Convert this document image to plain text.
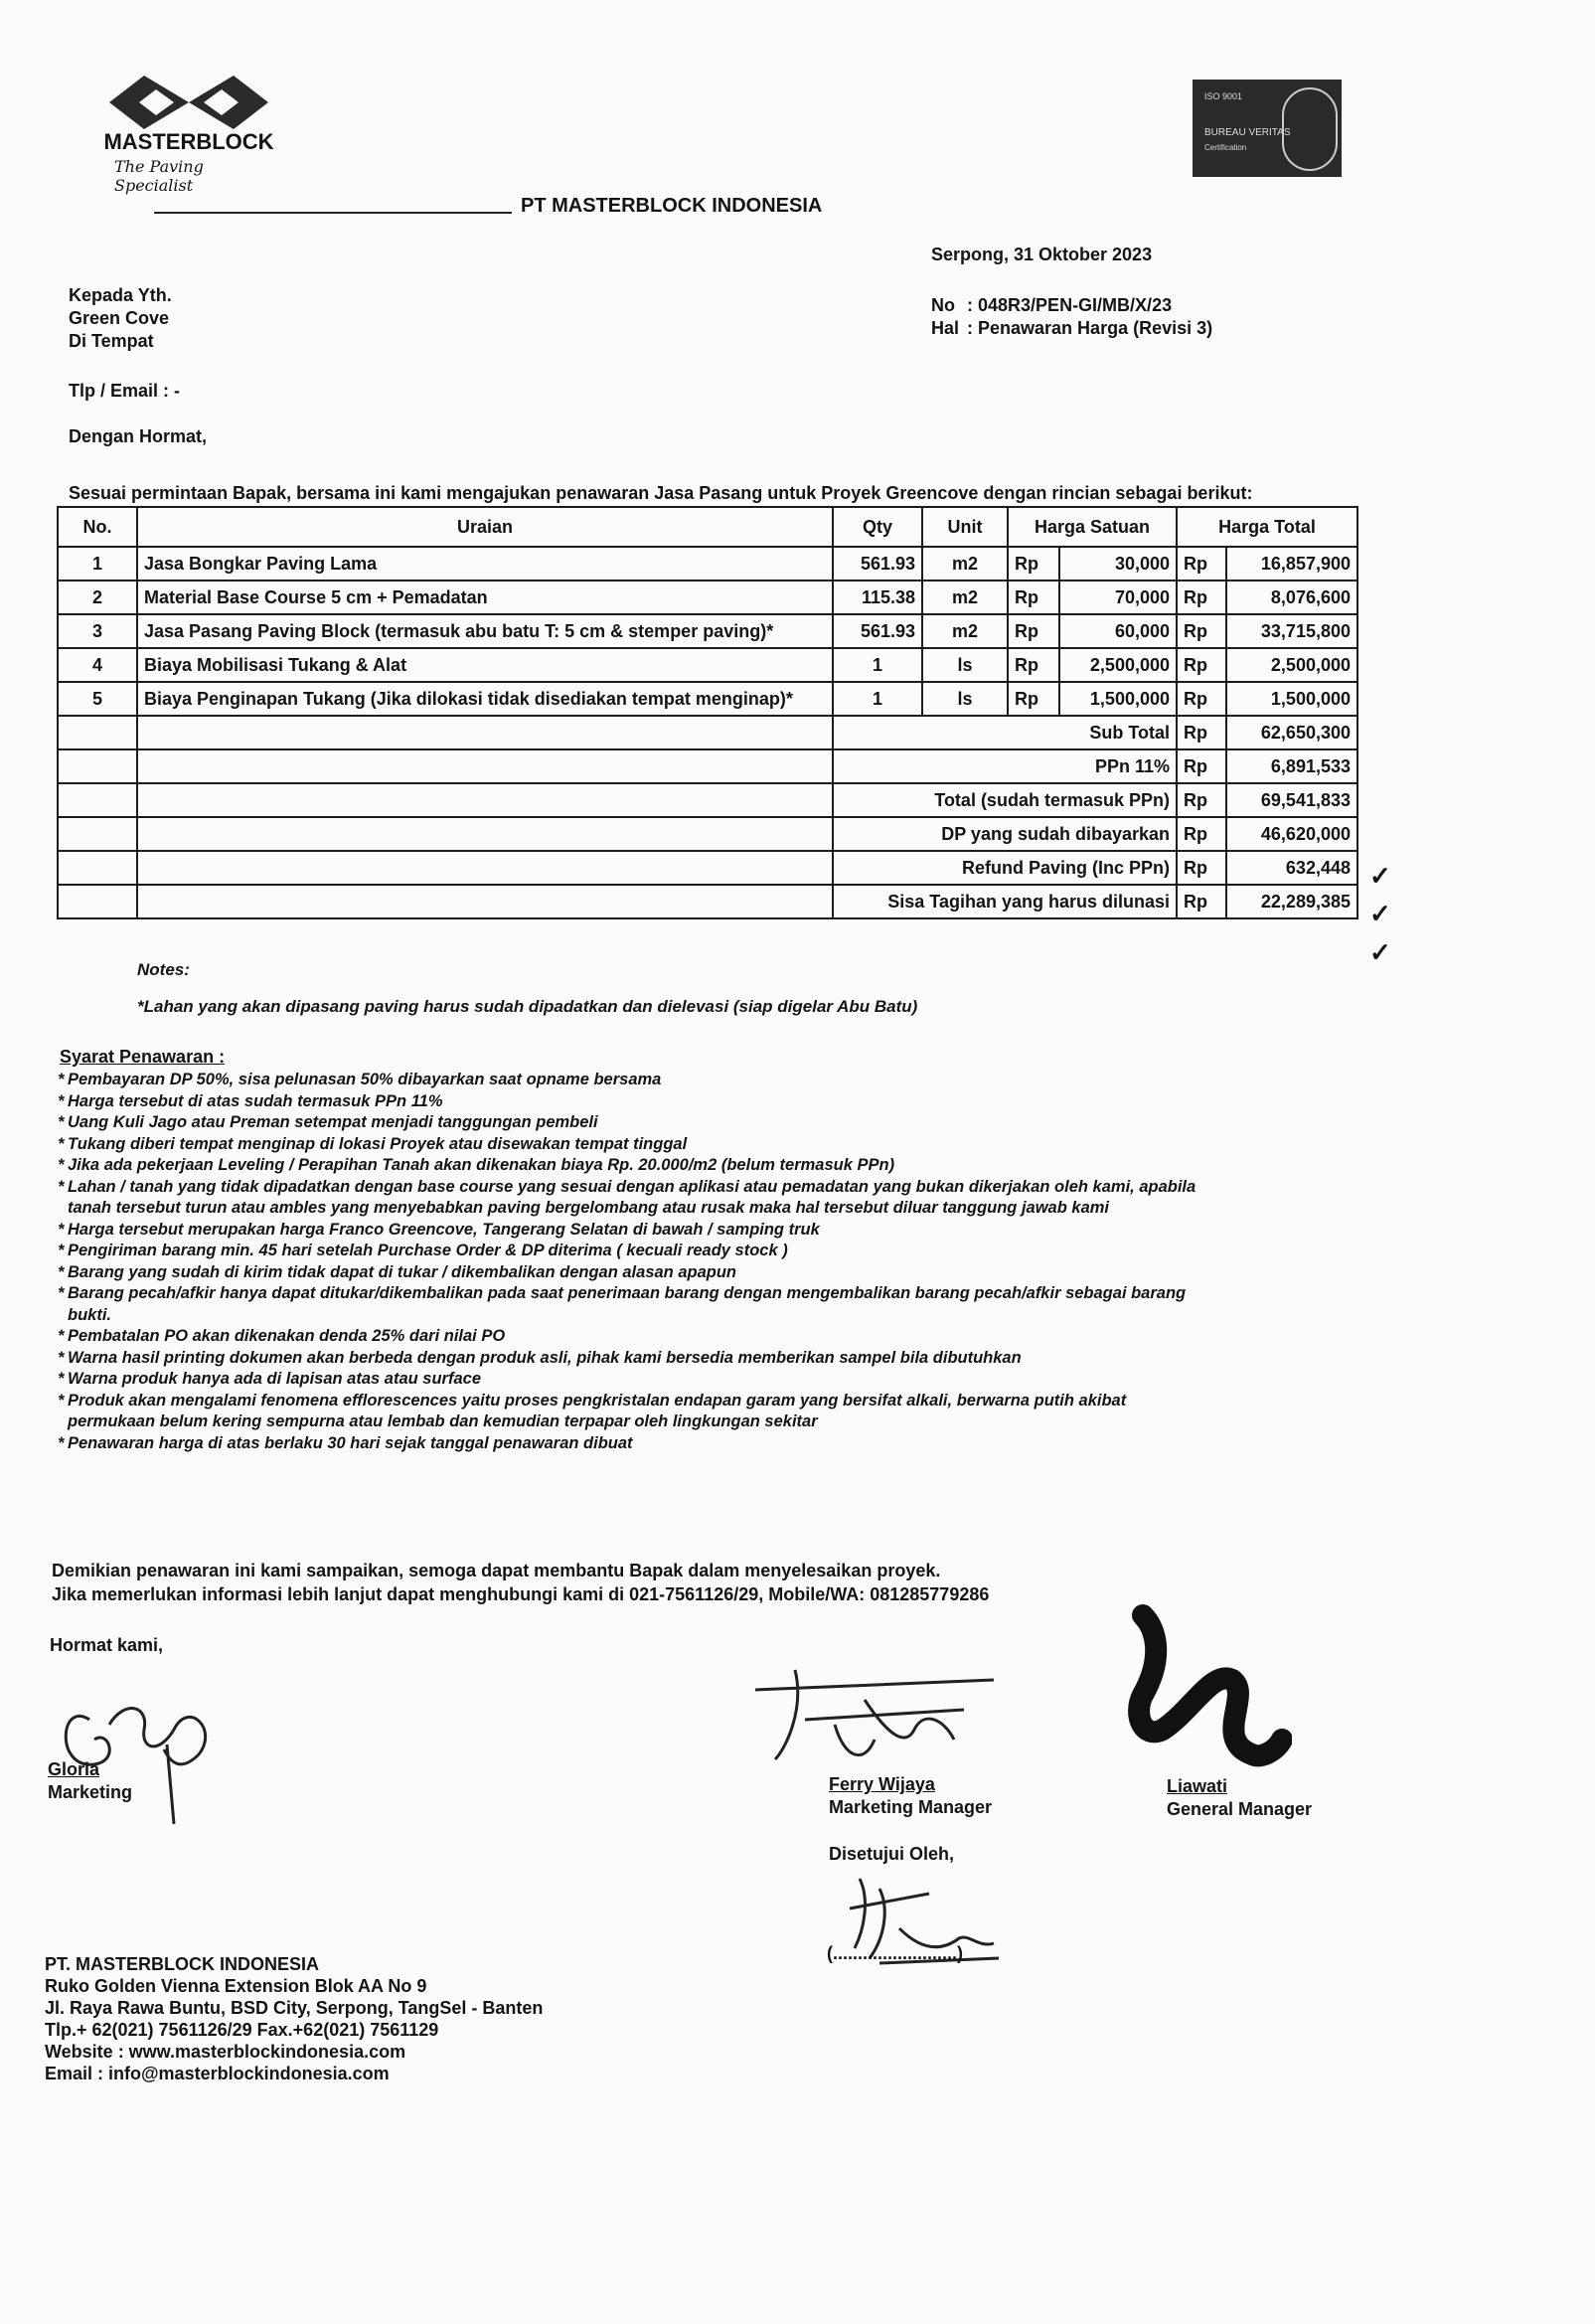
MASTERBLOCK
The Paving Specialist
PT MASTERBLOCK INDONESIA
ISO 9001
BUREAU VERITAS
Certification
Serpong, 31 Oktober 2023
No	: 048R3/PEN-GI/MB/X/23
Hal	: Penawaran Harga (Revisi 3)
Kepada Yth.
Green Cove
Di Tempat
Tlp / Email : -
Dengan Hormat,
Sesuai permintaan Bapak, bersama ini kami mengajukan penawaran Jasa Pasang untuk Proyek Greencove dengan rincian sebagai berikut:
No.	Uraian	Qty	Unit	Harga Satuan		Harga Total	
1	Jasa Bongkar Paving Lama	561.93	m2	Rp	30,000	Rp	16,857,900
2	Material Base Course 5 cm + Pemadatan	115.38	m2	Rp	70,000	Rp	8,076,600
3	Jasa Pasang Paving Block (termasuk abu batu T: 5 cm & stemper paving)*	561.93	m2	Rp	60,000	Rp	33,715,800
4	Biaya Mobilisasi Tukang & Alat	1	ls	Rp	2,500,000	Rp	2,500,000
5	Biaya Penginapan Tukang (Jika dilokasi tidak disediakan tempat menginap)*	1	ls	Rp	1,500,000	Rp	1,500,000
		Sub Total				Rp	62,650,300
		PPn 11%				Rp	6,891,533
		Total (sudah termasuk PPn)				Rp	69,541,833
		DP yang sudah dibayarkan				Rp	46,620,000
		Refund Paving (Inc PPn)				Rp	632,448
		Sisa Tagihan yang harus dilunasi				Rp	22,289,385
✓
✓
✓
Notes:
*Lahan yang akan dipasang paving harus sudah dipadatkan dan dielevasi (siap digelar Abu Batu)
Syarat Penawaran :
* Pembayaran DP 50%, sisa pelunasan 50% dibayarkan saat opname bersama
* Harga tersebut di atas sudah termasuk PPn 11%
* Uang Kuli Jago atau Preman setempat menjadi tanggungan pembeli
* Tukang diberi tempat menginap di lokasi Proyek atau disewakan tempat tinggal
* Jika ada pekerjaan Leveling / Perapihan Tanah akan dikenakan biaya Rp. 20.000/m2 (belum termasuk PPn)
* Lahan / tanah yang tidak dipadatkan dengan base course yang sesuai dengan aplikasi atau pemadatan yang bukan dikerjakan oleh kami, apabila tanah tersebut turun atau ambles yang menyebabkan paving bergelombang atau rusak maka hal tersebut diluar tanggung jawab kami
* Harga tersebut merupakan harga Franco Greencove, Tangerang Selatan di bawah / samping truk
* Pengiriman barang min. 45 hari setelah Purchase Order & DP diterima ( kecuali ready stock )
* Barang yang sudah di kirim tidak dapat di tukar / dikembalikan dengan alasan apapun
* Barang pecah/afkir hanya dapat ditukar/dikembalikan pada saat penerimaan barang dengan mengembalikan barang pecah/afkir sebagai barang bukti.
* Pembatalan PO akan dikenakan denda 25% dari nilai PO
* Warna hasil printing dokumen akan berbeda dengan produk asli, pihak kami bersedia memberikan sampel bila dibutuhkan
* Warna produk hanya ada di lapisan atas atau surface
* Produk akan mengalami fenomena efflorescences yaitu proses pengkristalan endapan garam yang bersifat alkali, berwarna putih akibat permukaan belum kering sempurna atau lembab dan kemudian terpapar oleh lingkungan sekitar
* Penawaran harga di atas berlaku 30 hari sejak tanggal penawaran dibuat
Demikian penawaran ini kami sampaikan, semoga dapat membantu Bapak dalam menyelesaikan proyek.
Jika memerlukan informasi lebih lanjut dapat menghubungi kami di 021-7561126/29, Mobile/WA: 081285779286
Hormat kami,
Gloria
Marketing	Ferry Wijaya
Marketing Manager
Liawati
General Manager
Disetujui Oleh,
(.........................)
PT. MASTERBLOCK INDONESIA
Ruko Golden Vienna Extension Blok AA No 9
Jl. Raya Rawa Buntu, BSD City, Serpong, TangSel - Banten
Tlp.+ 62(021) 7561126/29 Fax.+62(021) 7561129
Website : www.masterblockindonesia.com
Email : info@masterblockindonesia.com
